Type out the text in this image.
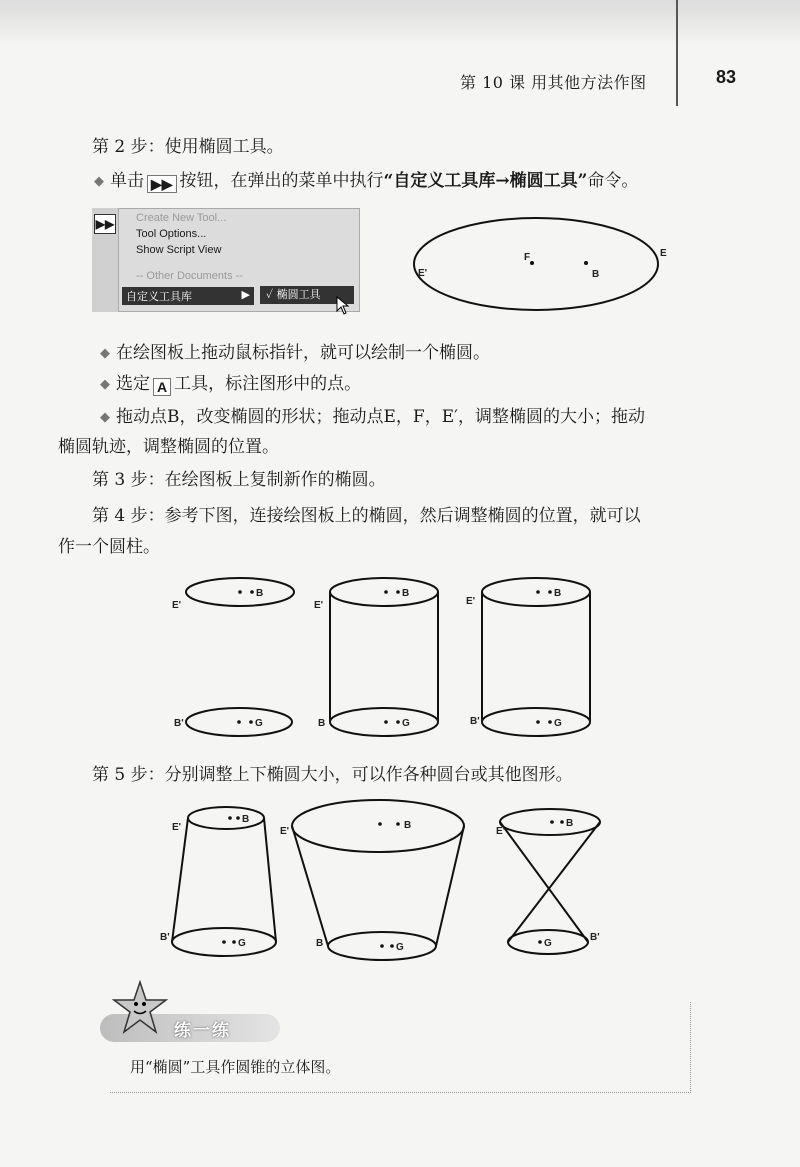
第 10 课 用其他方法作图	83
第 2 步：使用椭圆工具。
◆ 单击 ▶▶ 按钮，在弹出的菜单中执行“自定义工具库→椭圆工具”命令。
▶▶ Create New Tool...
Tool Options...
Show Script View
-- Other Documents --
自定义工具库	▶	✓ 椭圆工具
F
B
E
E'
◆ 在绘图板上拖动鼠标指针，就可以绘制一个椭圆。
◆ 选定 A 工具，标注图形中的点。
◆ 拖动点B，改变椭圆的形状；拖动点E，F，E′，调整椭圆的大小；拖动
椭圆轨迹，调整椭圆的位置。
第 3 步：在绘图板上复制新作的椭圆。
第 4 步：参考下图，连接绘图板上的椭圆，然后调整椭圆的位置，就可以
作一个圆柱。
B
G
E'
B'
B
G
E'
B
B
G
E'
B'
第 5 步：分别调整上下椭圆大小，可以作各种圆台或其他图形。
B
G
E'
B'
B
G
E'
B
B
G
E'
B'
练一练
用“椭圆”工具作圆锥的立体图。
